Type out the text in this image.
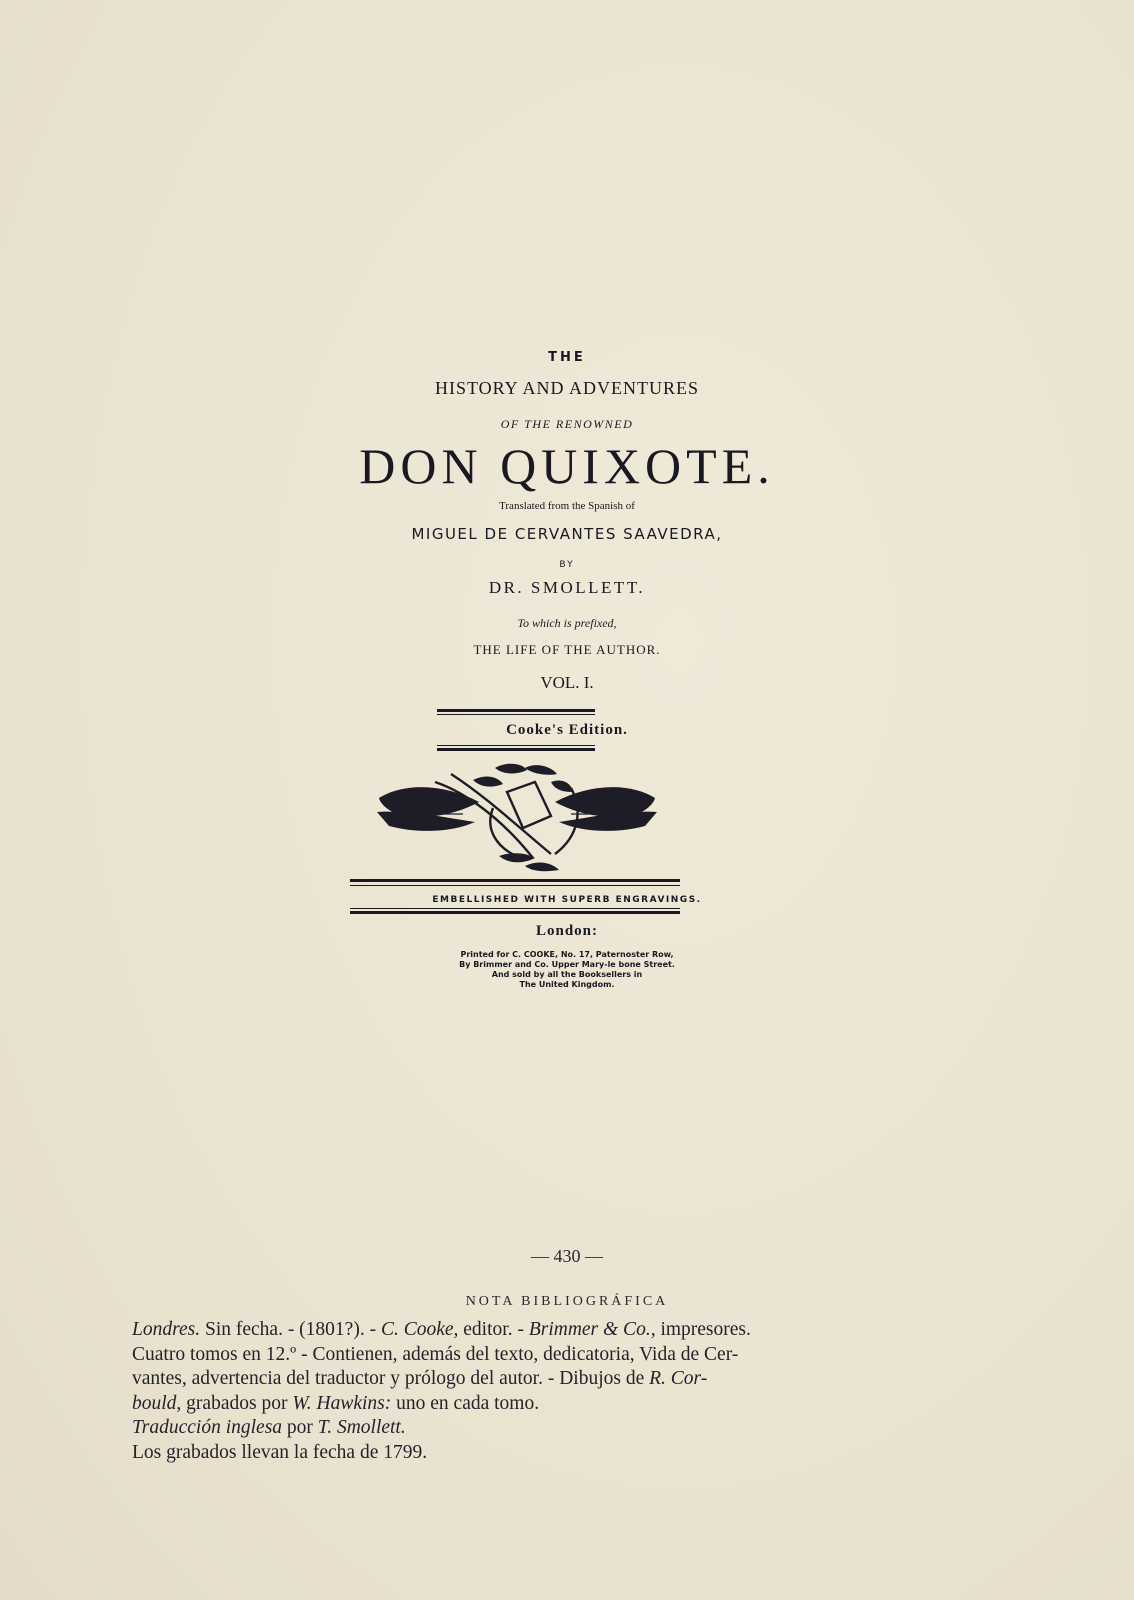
THE
HISTORY AND ADVENTURES
OF THE RENOWNED
DON QUIXOTE.
Translated from the Spanish of
MIGUEL DE CERVANTES SAAVEDRA,
BY
DR. SMOLLETT.
To which is prefixed,
THE LIFE OF THE AUTHOR.
VOL. I.
Cooke's Edition.
EMBELLISHED WITH SUPERB ENGRAVINGS.
London:
Printed for C. COOKE, No. 17, Paternoster Row,
By Brimmer and Co. Upper Mary-le bone Street.
And sold by all the Booksellers in
The United Kingdom.
— 430 —
NOTA BIBLIOGRÁFICA
Londres. Sin fecha. - (1801?). - C. Cooke, editor. - Brimmer & Co., impresores.
Cuatro tomos en 12.º - Contienen, además del texto, dedicatoria, Vida de Cer-
vantes, advertencia del traductor y prólogo del autor. - Dibujos de R. Cor-
bould, grabados por W. Hawkins: uno en cada tomo.
Traducción inglesa por T. Smollett.
Los grabados llevan la fecha de 1799.
